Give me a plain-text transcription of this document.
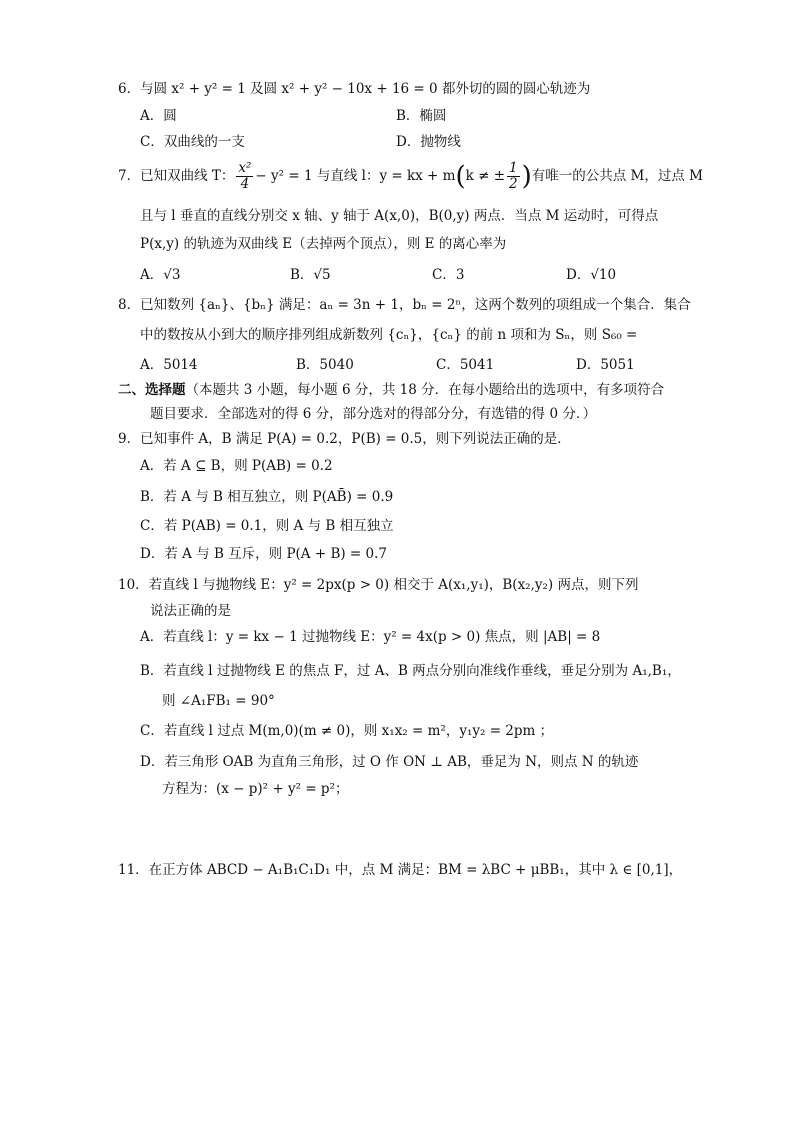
6．与圆 x² + y² = 1 及圆 x² + y² − 10x + 16 = 0 都外切的圆的圆心轨迹为
A．圆	B．椭圆
C．双曲线的一支	D．抛物线
7．已知双曲线 T： $\frac{\text{x²}}{4} - y^2 = 1$ 与直线 l：y = kx + m(k ≠ ± $\frac{1}{2}$ )有唯一的公共点 M，过点 M
且与 l 垂直的直线分别交 x 轴、y 轴于 A(x,0)，B(0,y) 两点．当点 M 运动时，可得点
P(x,y) 的轨迹为双曲线 E（去掉两个顶点），则 E 的离心率为
A．√3	B．√5	C．3	D．√10
8．已知数列 {aₙ}、{bₙ} 满足：aₙ = 3n + 1，bₙ = 2ⁿ，这两个数列的项组成一个集合．集合
中的数按从小到大的顺序排列组成新数列 {cₙ}，{cₙ} 的前 n 项和为 Sₙ，则 S₆₀ =
A．5014	B．5040	C．5041	D．5051
二、选择题（本题共 3 小题，每小题 6 分，共 18 分．在每小题给出的选项中，有多项符合
题目要求．全部选对的得 6 分，部分选对的得部分分，有选错的得 0 分．）
9．已知事件 A，B 满足 P(A) = 0.2，P(B) = 0.5，则下列说法正确的是．
A．若 A ⊆ B，则 P(AB) = 0.2
B．若 A 与 B 相互独立，则 P(AB̄) = 0.9
C．若 P(AB) = 0.1，则 A 与 B 相互独立
D．若 A 与 B 互斥，则 P(A + B) = 0.7
10．若直线 l 与抛物线 E：y² = 2px(p > 0) 相交于 A(x₁,y₁)，B(x₂,y₂) 两点，则下列
说法正确的是
A．若直线 l：y = kx − 1 过抛物线 E：y² = 4x(p > 0) 焦点，则 |AB| = 8
B．若直线 l 过抛物线 E 的焦点 F，过 A、B 两点分别向准线作垂线，垂足分别为 A₁,B₁，
则 ∠A₁FB₁ = 90°
C．若直线 l 过点 M(m,0)(m ≠ 0)，则 x₁x₂ = m²，y₁y₂ = 2pm ；
D．若三角形 OAB 为直角三角形，过 O 作 ON ⊥ AB，垂足为 N，则点 N 的轨迹
方程为：(x − p)² + y² = p²；
11．在正方体 ABCD − A₁B₁C₁D₁ 中，点 M 满足：BM = λBC + μBB₁，其中 λ ∈ [0,1]，
